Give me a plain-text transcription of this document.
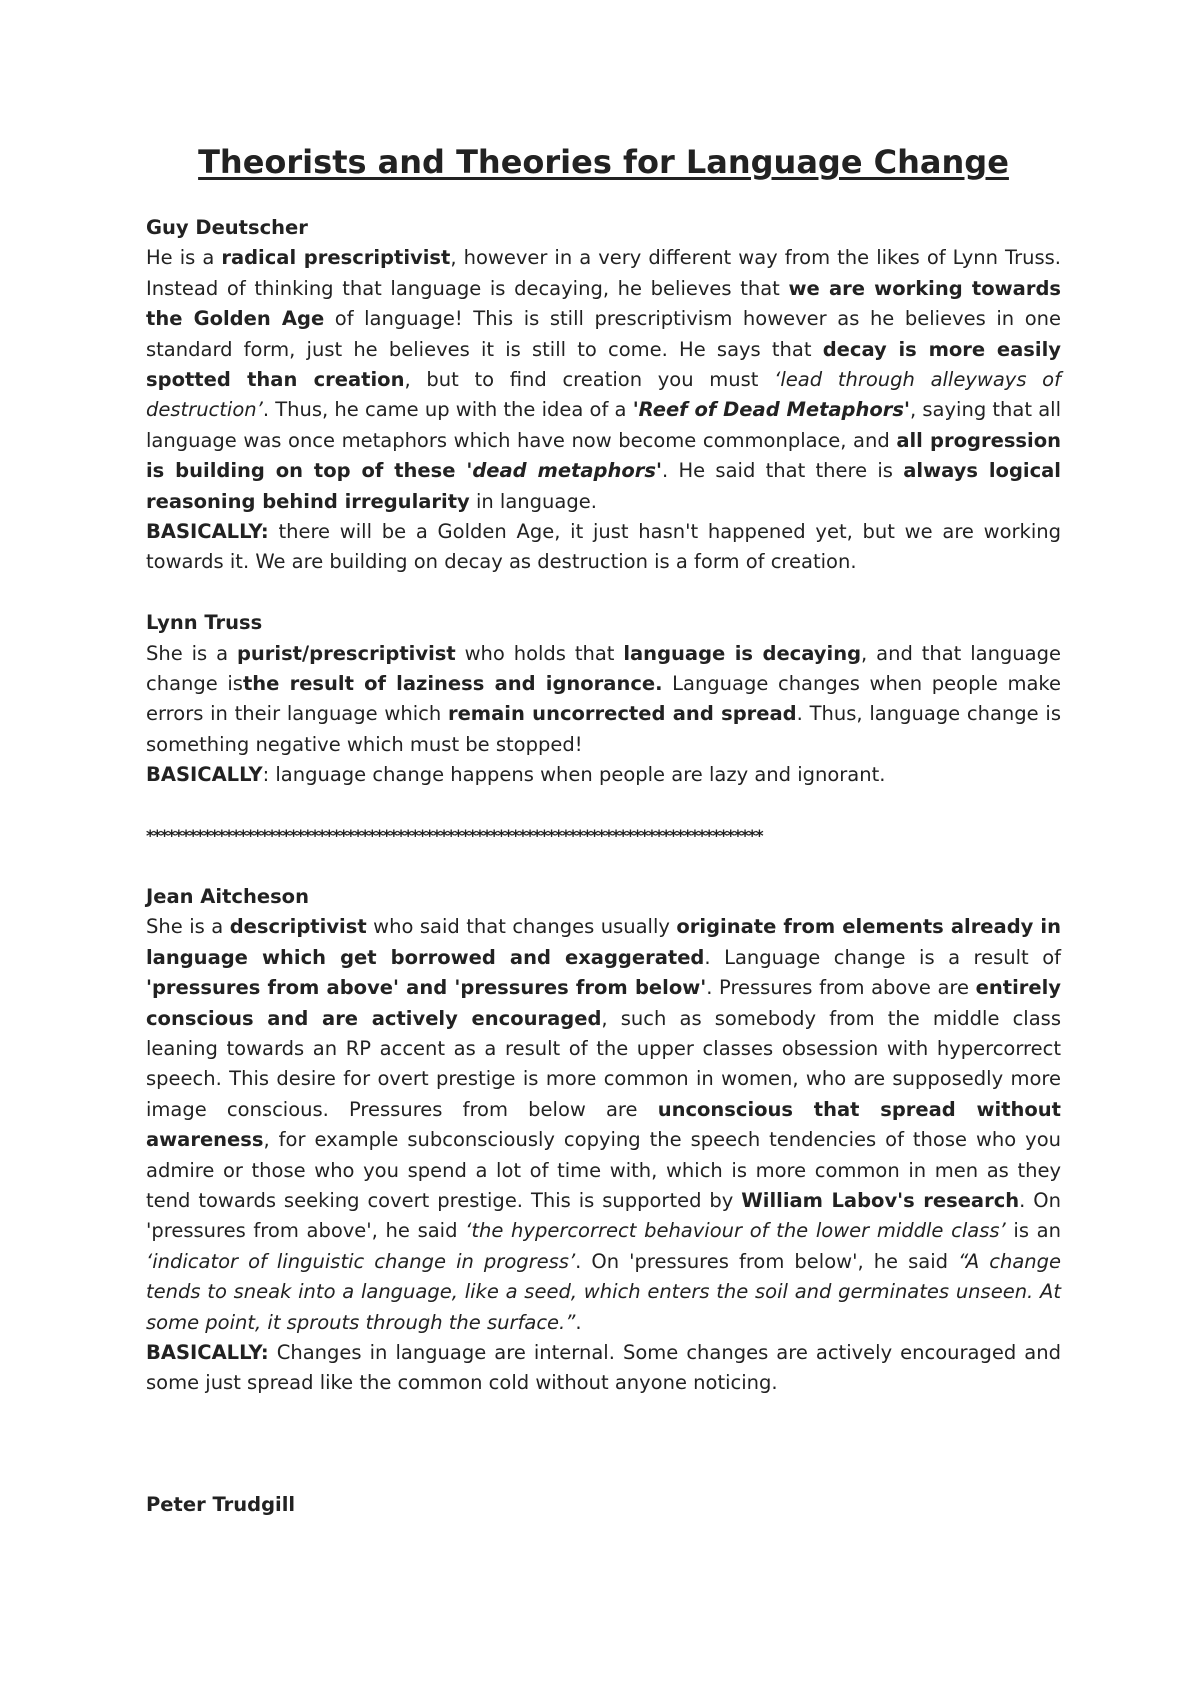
Theorists and Theories for Language Change
Guy Deutscher

He is a radical prescriptivist, however in a very different way from the likes of Lynn Truss. Instead of thinking that language is decaying, he believes that we are working towards the Golden Age of language! This is still prescriptivism however as he believes in one standard form, just he believes it is still to come. He says that decay is more easily spotted than creation, but to find creation you must ‘lead through alleyways of destruction’. Thus, he came up with the idea of a 'Reef of Dead Metaphors', saying that all language was once metaphors which have now become commonplace, and all progression is building on top of these 'dead metaphors'. He said that there is always logical reasoning behind irregularity in language.

BASICALLY: there will be a Golden Age, it just hasn't happened yet, but we are working towards it. We are building on decay as destruction is a form of creation.

Lynn Truss

She is a purist/prescriptivist who holds that language is decaying, and that language change isthe result of laziness and ignorance. Language changes when people make errors in their language which remain uncorrected and spread. Thus, language change is something negative which must be stopped!

BASICALLY: language change happens when people are lazy and ignorant.

**************************************************************************************
Jean Aitcheson

She is a descriptivist who said that changes usually originate from elements already in language which get borrowed and exaggerated. Language change is a result of 'pressures from above' and 'pressures from below'. Pressures from above are entirely conscious and are actively encouraged, such as somebody from the middle class leaning towards an RP accent as a result of the upper classes obsession with hypercorrect speech. This desire for overt prestige is more common in women, who are supposedly more image conscious. Pressures from below are unconscious that spread without awareness, for example subconsciously copying the speech tendencies of those who you admire or those who you spend a lot of time with, which is more common in men as they tend towards seeking covert prestige. This is supported by William Labov's research. On 'pressures from above', he said ‘the hypercorrect behaviour of the lower middle class’ is an ‘indicator of linguistic change in progress’. On 'pressures from below', he said “A change tends to sneak into a language, like a seed, which enters the soil and germinates unseen. At some point, it sprouts through the surface.”.

BASICALLY: Changes in language are internal. Some changes are actively encouraged and some just spread like the common cold without anyone noticing.

Peter Trudgill
